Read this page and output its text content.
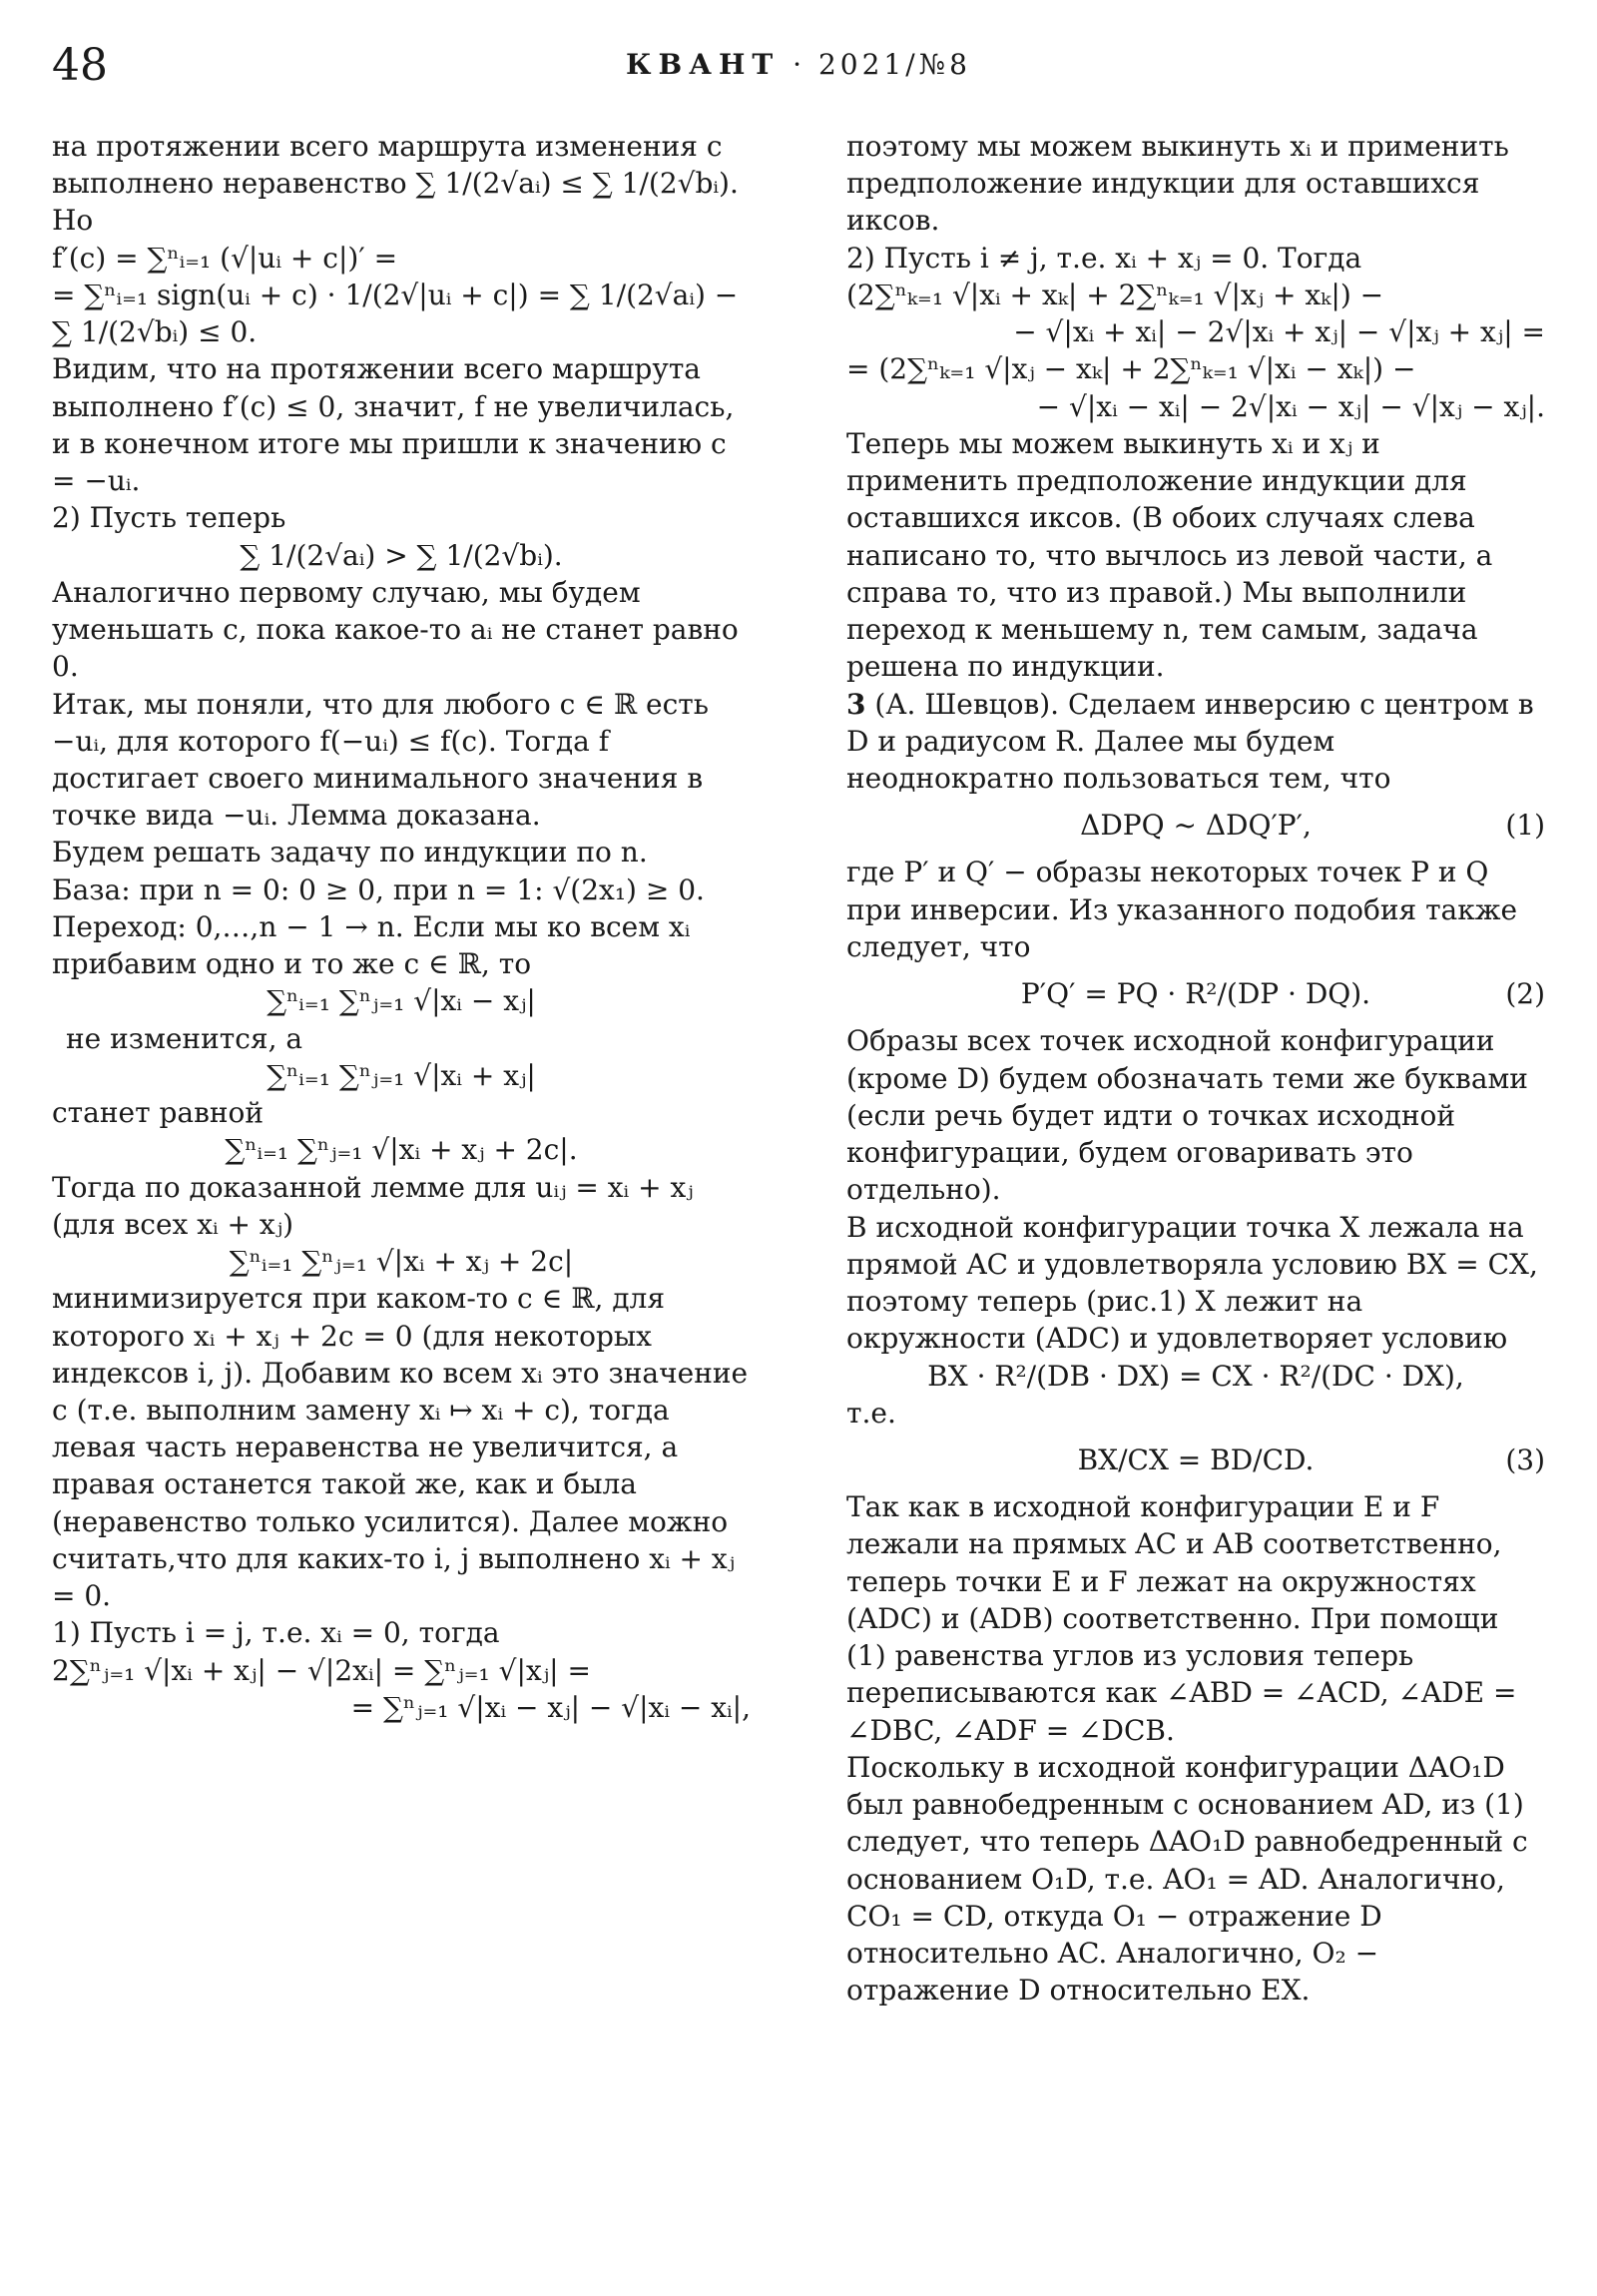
48	КВАНТ · 2021/№8

на протяжении всего маршрута изменения c выполнено неравенство ∑ 1/(2√aᵢ) ≤ ∑ 1/(2√bᵢ). Но

f′(c) = ∑ⁿᵢ₌₁ (√|uᵢ + c|)′ =

= ∑ⁿᵢ₌₁ sign(uᵢ + c) · 1/(2√|uᵢ + c|) = ∑ 1/(2√aᵢ) − ∑ 1/(2√bᵢ) ≤ 0.

Видим, что на протяжении всего маршрута выполнено f′(c) ≤ 0, значит, f не увеличилась, и в конечном итоге мы пришли к значению c = −uᵢ.

2) Пусть теперь

∑ 1/(2√aᵢ) > ∑ 1/(2√bᵢ).

Аналогично первому случаю, мы будем уменьшать c, пока какое-то aᵢ не станет равно 0.

Итак, мы поняли, что для любого c ∈ ℝ есть −uᵢ, для которого f(−uᵢ) ≤ f(c). Тогда f достигает своего минимального значения в точке вида −uᵢ. Лемма доказана.

Будем решать задачу по индукции по n.

База: при n = 0: 0 ≥ 0, при n = 1: √(2x₁) ≥ 0.

Переход: 0,…,n − 1 → n. Если мы ко всем xᵢ прибавим одно и то же c ∈ ℝ, то

∑ⁿᵢ₌₁ ∑ⁿⱼ₌₁ √|xᵢ − xⱼ|

не изменится, а

∑ⁿᵢ₌₁ ∑ⁿⱼ₌₁ √|xᵢ + xⱼ|

станет равной

∑ⁿᵢ₌₁ ∑ⁿⱼ₌₁ √|xᵢ + xⱼ + 2c|.

Тогда по доказанной лемме для uᵢⱼ = xᵢ + xⱼ (для всех xᵢ + xⱼ)

∑ⁿᵢ₌₁ ∑ⁿⱼ₌₁ √|xᵢ + xⱼ + 2c|

минимизируется при каком-то c ∈ ℝ, для которого xᵢ + xⱼ + 2c = 0 (для некоторых индексов i, j). Добавим ко всем xᵢ это значение c (т.е. выполним замену xᵢ ↦ xᵢ + c), тогда левая часть неравенства не увеличится, а правая останется такой же, как и была (неравенство только усилится). Далее можно считать,что для каких-то i, j выполнено xᵢ + xⱼ = 0.

1) Пусть i = j, т.е. xᵢ = 0, тогда

2∑ⁿⱼ₌₁ √|xᵢ + xⱼ| − √|2xᵢ| = ∑ⁿⱼ₌₁ √|xⱼ| =

= ∑ⁿⱼ₌₁ √|xᵢ − xⱼ| − √|xᵢ − xᵢ|,

поэтому мы можем выкинуть xᵢ и применить предположение индукции для оставшихся иксов.

2) Пусть i ≠ j, т.е. xᵢ + xⱼ = 0. Тогда

(2∑ⁿₖ₌₁ √|xᵢ + xₖ| + 2∑ⁿₖ₌₁ √|xⱼ + xₖ|) −

− √|xᵢ + xᵢ| − 2√|xᵢ + xⱼ| − √|xⱼ + xⱼ| =

= (2∑ⁿₖ₌₁ √|xⱼ − xₖ| + 2∑ⁿₖ₌₁ √|xᵢ − xₖ|) −

− √|xᵢ − xᵢ| − 2√|xᵢ − xⱼ| − √|xⱼ − xⱼ|.

Теперь мы можем выкинуть xᵢ и xⱼ и применить предположение индукции для оставшихся иксов. (В обоих случаях слева написано то, что вычлось из левой части, а справа то, что из правой.) Мы выполнили переход к меньшему n, тем самым, задача решена по индукции.

3 (А. Шевцов). Сделаем инверсию с центром в D и радиусом R. Далее мы будем неоднократно пользоваться тем, что

ΔDPQ ~ ΔDQ′P′,	(1)

где P′ и Q′ − образы некоторых точек P и Q при инверсии. Из указанного подобия также следует, что

P′Q′ = PQ · R²/(DP · DQ).	(2)

Образы всех точек исходной конфигурации (кроме D) будем обозначать теми же буквами (если речь будет идти о точках исходной конфигурации, будем оговаривать это отдельно).

В исходной конфигурации точка X лежала на прямой AC и удовлетворяла условию BX = CX, поэтому теперь (рис.1) X лежит на окружности (ADC) и удовлетворяет условию

BX · R²/(DB · DX) = CX · R²/(DC · DX),

т.е.

BX/CX = BD/CD.	(3)

Так как в исходной конфигурации E и F лежали на прямых AC и AB соответственно, теперь точки E и F лежат на окружностях (ADC) и (ADB) соответственно. При помощи (1) равенства углов из условия теперь переписываются как ∠ABD = ∠ACD, ∠ADE = ∠DBC, ∠ADF = ∠DCB.

Поскольку в исходной конфигурации ΔAO₁D был равнобедренным с основанием AD, из (1) следует, что теперь ΔAO₁D равнобедренный с основанием O₁D, т.е. AO₁ = AD. Аналогично, CO₁ = CD, откуда O₁ − отражение D относительно AC. Аналогично, O₂ − отражение D относительно EX.
